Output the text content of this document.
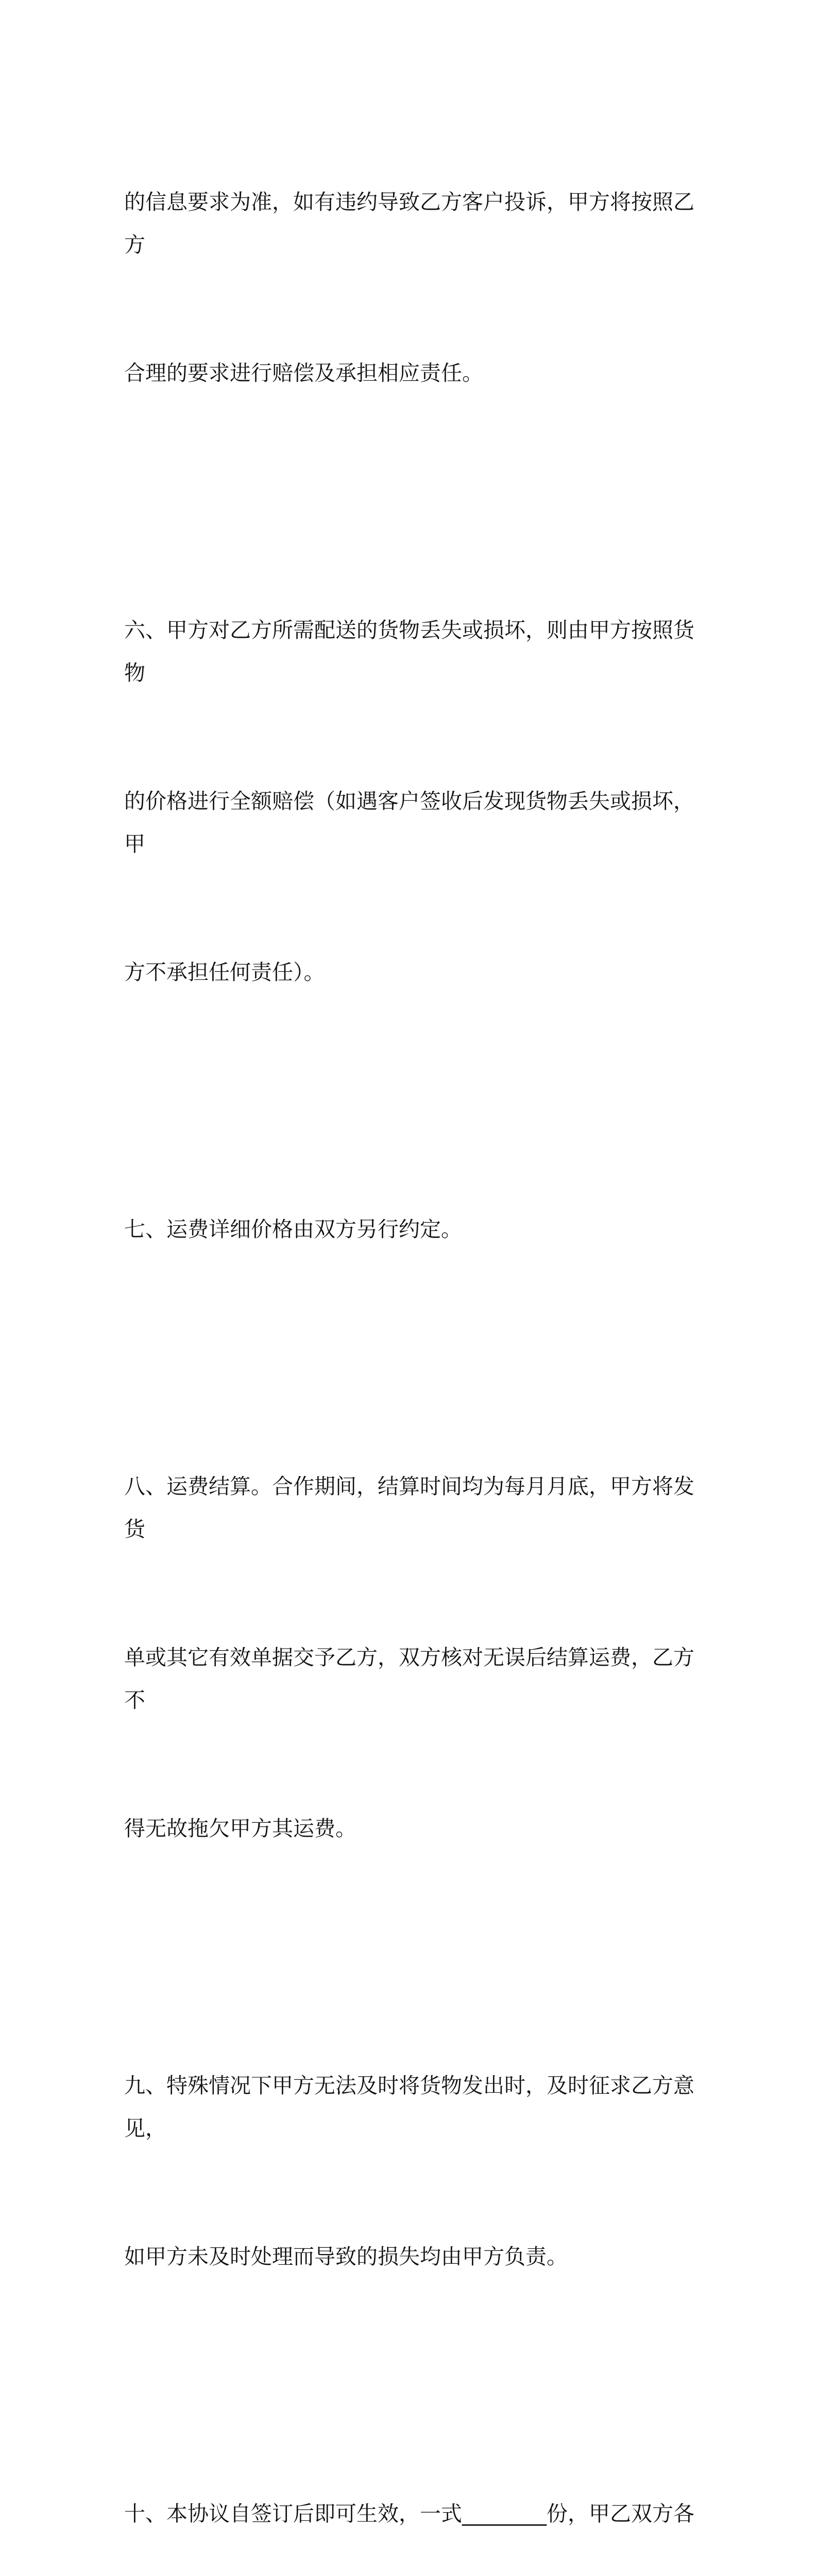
的信息要求为准，如有违约导致乙方客户投诉，甲方将按照乙方

合理的要求进行赔偿及承担相应责任。

六、甲方对乙方所需配送的货物丢失或损坏，则由甲方按照货物

的价格进行全额赔偿（如遇客户签收后发现货物丢失或损坏，甲

方不承担任何责任）。

七、运费详细价格由双方另行约定。

八、运费结算。合作期间，结算时间均为每月月底，甲方将发货

单或其它有效单据交予乙方，双方核对无误后结算运费，乙方不

得无故拖欠甲方其运费。

九、特殊情况下甲方无法及时将货物发出时，及时征求乙方意见，

如甲方未及时处理而导致的损失均由甲方负责。

十、本协议自签订后即可生效，一式________份，甲乙双方各
